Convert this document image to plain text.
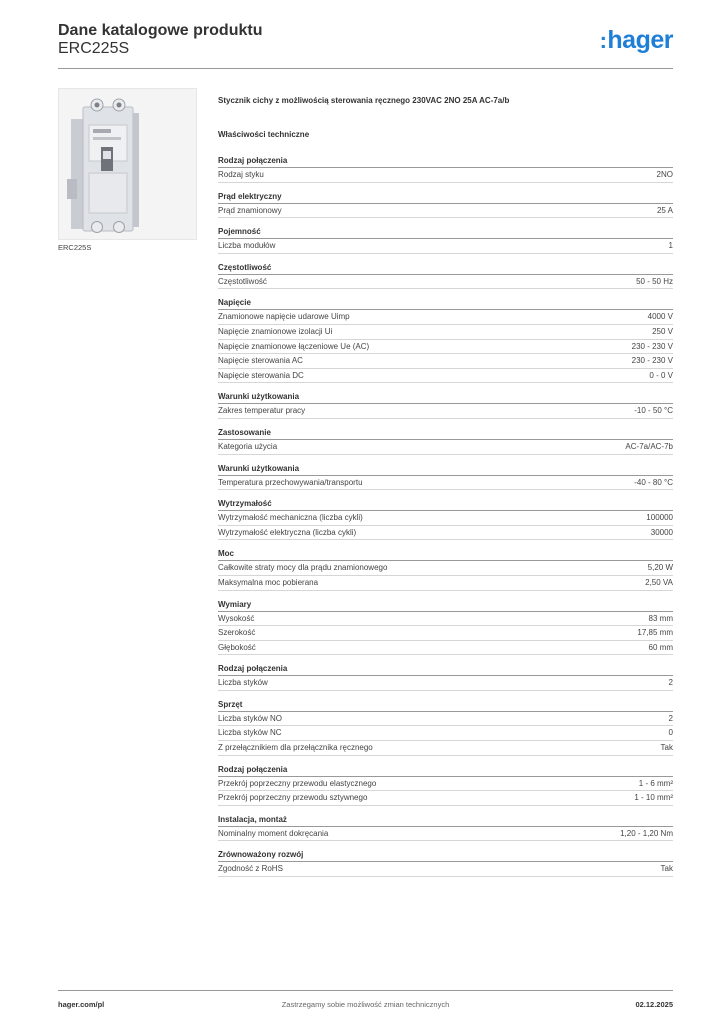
Dane katalogowe produktu
ERC225S	:hager
ERC225S
Stycznik cichy z możliwością sterowania ręcznego 230VAC 2NO 25A AC-7a/b
Właściwości techniczne
Rodzaj połączenia
Rodzaj styku	2NO
Prąd elektryczny
Prąd znamionowy	25 A
Pojemność
Liczba modułów	1
Częstotliwość
Częstotliwość	50 - 50 Hz
Napięcie
Znamionowe napięcie udarowe Uimp	4000 V
Napięcie znamionowe izolacji Ui	250 V
Napięcie znamionowe łączeniowe Ue (AC)	230 - 230 V
Napięcie sterowania AC	230 - 230 V
Napięcie sterowania DC	0 - 0 V
Warunki użytkowania
Zakres temperatur pracy	-10 - 50 °C
Zastosowanie
Kategoria użycia	AC-7a/AC-7b
Warunki użytkowania
Temperatura przechowywania/transportu	-40 - 80 °C
Wytrzymałość
Wytrzymałość mechaniczna (liczba cykli)	100000
Wytrzymałość elektryczna (liczba cykli)	30000
Moc
Całkowite straty mocy dla prądu znamionowego	5,20 W
Maksymalna moc pobierana	2,50 VA
Wymiary
Wysokość	83 mm
Szerokość	17,85 mm
Głębokość	60 mm
Rodzaj połączenia
Liczba styków	2
Sprzęt
Liczba styków NO	2
Liczba styków NC	0
Z przełącznikiem dla przełącznika ręcznego	Tak
Rodzaj połączenia
Przekrój poprzeczny przewodu elastycznego	1 - 6 mm²
Przekrój poprzeczny przewodu sztywnego	1 - 10 mm²
Instalacja, montaż
Nominalny moment dokręcania	1,20 - 1,20 Nm
Zrównoważony rozwój
Zgodność z RoHS	Tak
hager.com/pl	Zastrzegamy sobie możliwość zmian technicznych	02.12.2025
